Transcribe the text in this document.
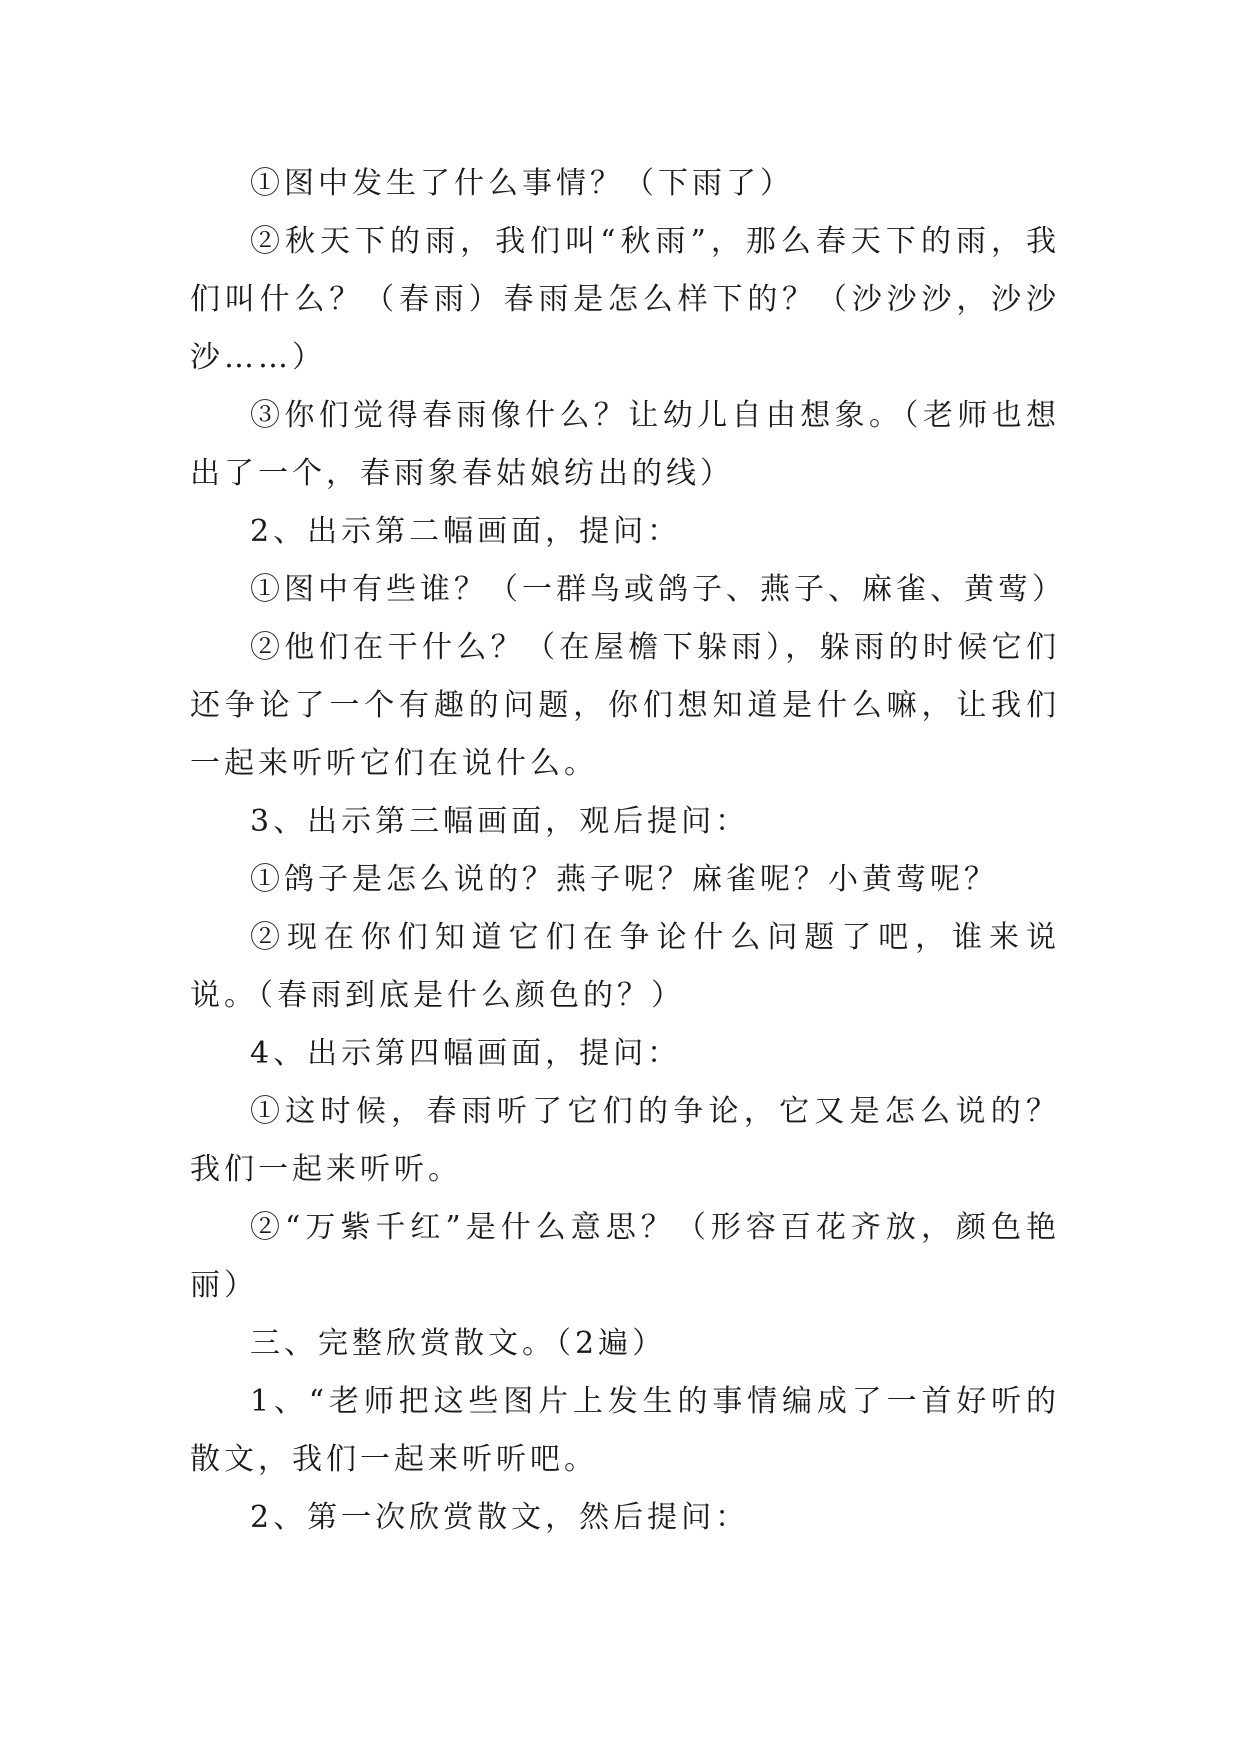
①图中发生了什么事情？（下雨了）

②秋天下的雨，我们叫“秋雨”，那么春天下的雨，我们叫什么？（春雨）春雨是怎么样下的？（沙沙沙，沙沙沙……）

③你们觉得春雨像什么？让幼儿自由想象。（老师也想出了一个，春雨象春姑娘纺出的线）

2、出示第二幅画面，提问：

①图中有些谁？（一群鸟或鸽子、燕子、麻雀、黄莺）

②他们在干什么？（在屋檐下躲雨），躲雨的时候它们还争论了一个有趣的问题，你们想知道是什么嘛，让我们一起来听听它们在说什么。

3、出示第三幅画面，观后提问：

①鸽子是怎么说的？燕子呢？麻雀呢？小黄莺呢？

②现在你们知道它们在争论什么问题了吧，谁来说说。（春雨到底是什么颜色的？）

4、出示第四幅画面，提问：

①这时候，春雨听了它们的争论，它又是怎么说的？我们一起来听听。

②“万紫千红”是什么意思？（形容百花齐放，颜色艳丽）

三、完整欣赏散文。（2遍）

1、“老师把这些图片上发生的事情编成了一首好听的散文，我们一起来听听吧。

2、第一次欣赏散文，然后提问：
